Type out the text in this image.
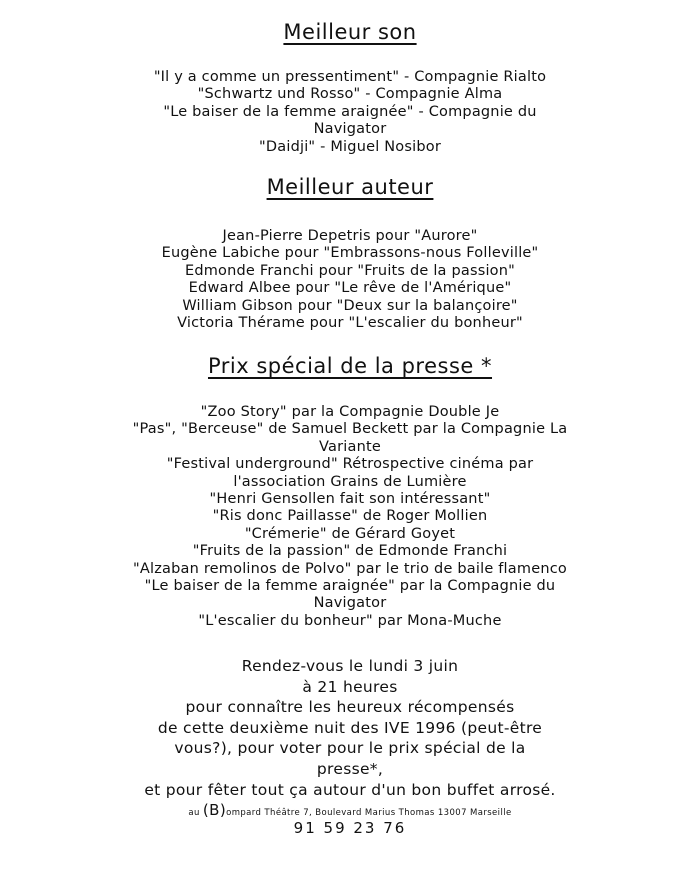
Meilleur son
"Il y a comme un pressentiment" - Compagnie Rialto
"Schwartz und Rosso" - Compagnie Alma
"Le baiser de la femme araignée" - Compagnie du
Navigator
"Daidji" - Miguel Nosibor
Meilleur auteur
Jean-Pierre Depetris pour "Aurore"
Eugène Labiche pour "Embrassons-nous Folleville"
Edmonde Franchi pour "Fruits de la passion"
Edward Albee pour "Le rêve de l'Amérique"
William Gibson pour "Deux sur la balançoire"
Victoria Thérame pour "L'escalier du bonheur"
Prix spécial de la presse *
"Zoo Story" par la Compagnie Double Je
"Pas", "Berceuse" de Samuel Beckett par la Compagnie La
Variante
"Festival underground" Rétrospective cinéma par
l'association Grains de Lumière
"Henri Gensollen fait son intéressant"
"Ris donc Paillasse" de Roger Mollien
"Crémerie" de Gérard Goyet
"Fruits de la passion" de Edmonde Franchi
"Alzaban remolinos de Polvo" par le trio de baile flamenco
"Le baiser de la femme araignée" par la Compagnie du
Navigator
"L'escalier du bonheur" par Mona-Muche
Rendez-vous le lundi 3 juin
à 21 heures
pour connaître les heureux récompensés
de cette deuxième nuit des IVE 1996 (peut-être
vous?), pour voter pour le prix spécial de la
presse*,
et pour fêter tout ça autour d'un bon buffet arrosé.
au (B)ompard Théâtre 7, Boulevard Marius Thomas 13007 Marseille
91 59 23 76
